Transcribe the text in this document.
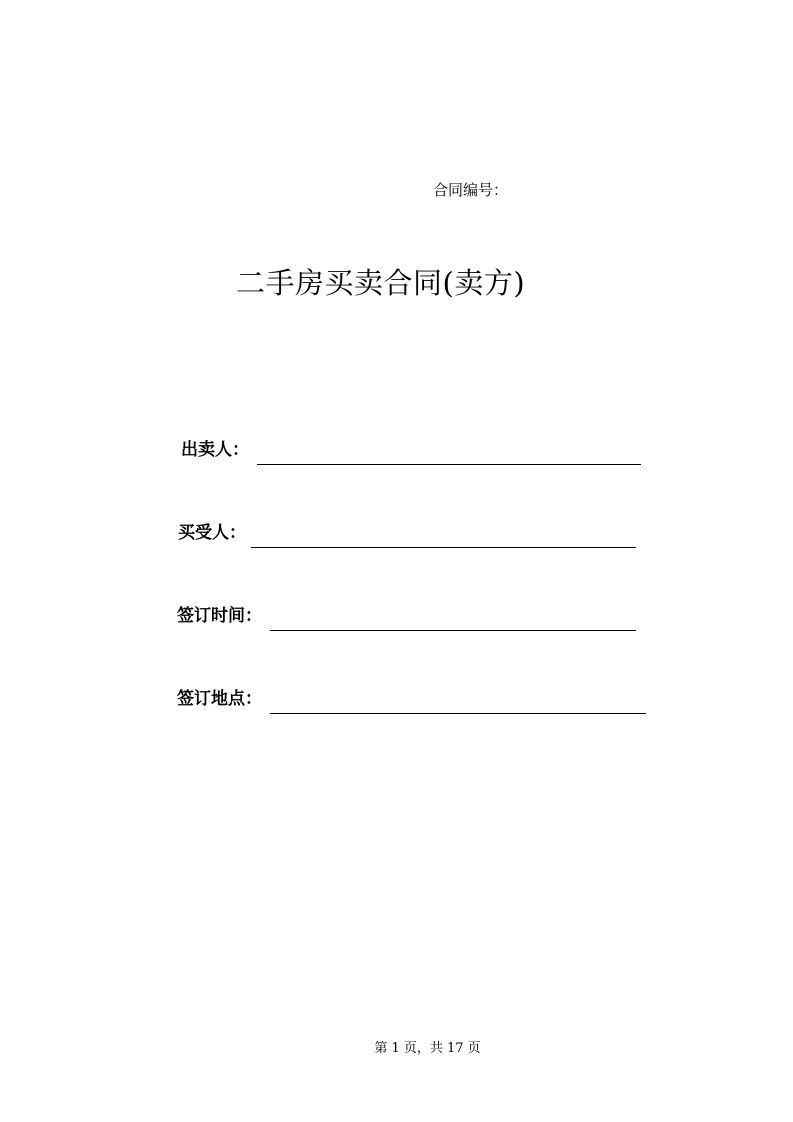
合同编号：
二手房买卖合同(卖方)
出卖人：
买受人：
签订时间：
签订地点：
第 1 页，共 17 页
